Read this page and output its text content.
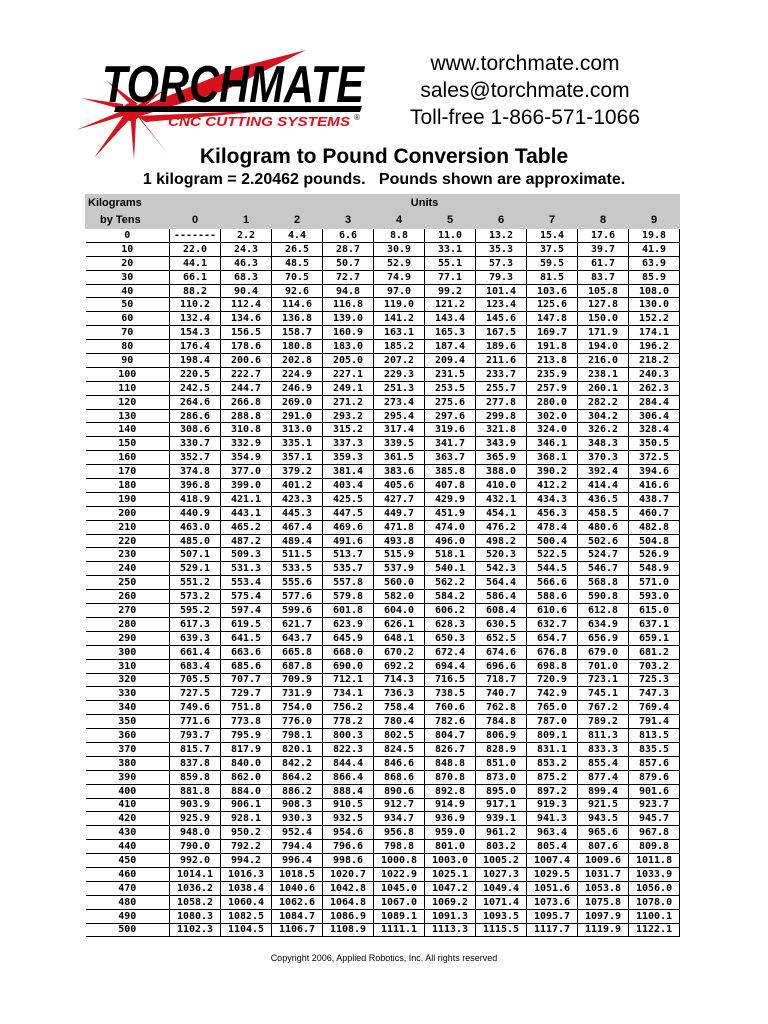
TORCHMATE
CNC CUTTING SYSTEMS ®
www.torchmate.com
sales@torchmate.com
Toll-free 1-866-571-1066
Kilogram to Pound Conversion Table
1 kilogram = 2.20462 pounds.   Pounds shown are approximate.
Kilograms	Units									
by Tens	0	1	2	3	4	5	6	7	8	9
0	-------	2.2	4.4	6.6	8.8	11.0	13.2	15.4	17.6	19.8
10	22.0	24.3	26.5	28.7	30.9	33.1	35.3	37.5	39.7	41.9
20	44.1	46.3	48.5	50.7	52.9	55.1	57.3	59.5	61.7	63.9
30	66.1	68.3	70.5	72.7	74.9	77.1	79.3	81.5	83.7	85.9
40	88.2	90.4	92.6	94.8	97.0	99.2	101.4	103.6	105.8	108.0
50	110.2	112.4	114.6	116.8	119.0	121.2	123.4	125.6	127.8	130.0
60	132.4	134.6	136.8	139.0	141.2	143.4	145.6	147.8	150.0	152.2
70	154.3	156.5	158.7	160.9	163.1	165.3	167.5	169.7	171.9	174.1
80	176.4	178.6	180.8	183.0	185.2	187.4	189.6	191.8	194.0	196.2
90	198.4	200.6	202.8	205.0	207.2	209.4	211.6	213.8	216.0	218.2
100	220.5	222.7	224.9	227.1	229.3	231.5	233.7	235.9	238.1	240.3
110	242.5	244.7	246.9	249.1	251.3	253.5	255.7	257.9	260.1	262.3
120	264.6	266.8	269.0	271.2	273.4	275.6	277.8	280.0	282.2	284.4
130	286.6	288.8	291.0	293.2	295.4	297.6	299.8	302.0	304.2	306.4
140	308.6	310.8	313.0	315.2	317.4	319.6	321.8	324.0	326.2	328.4
150	330.7	332.9	335.1	337.3	339.5	341.7	343.9	346.1	348.3	350.5
160	352.7	354.9	357.1	359.3	361.5	363.7	365.9	368.1	370.3	372.5
170	374.8	377.0	379.2	381.4	383.6	385.8	388.0	390.2	392.4	394.6
180	396.8	399.0	401.2	403.4	405.6	407.8	410.0	412.2	414.4	416.6
190	418.9	421.1	423.3	425.5	427.7	429.9	432.1	434.3	436.5	438.7
200	440.9	443.1	445.3	447.5	449.7	451.9	454.1	456.3	458.5	460.7
210	463.0	465.2	467.4	469.6	471.8	474.0	476.2	478.4	480.6	482.8
220	485.0	487.2	489.4	491.6	493.8	496.0	498.2	500.4	502.6	504.8
230	507.1	509.3	511.5	513.7	515.9	518.1	520.3	522.5	524.7	526.9
240	529.1	531.3	533.5	535.7	537.9	540.1	542.3	544.5	546.7	548.9
250	551.2	553.4	555.6	557.8	560.0	562.2	564.4	566.6	568.8	571.0
260	573.2	575.4	577.6	579.8	582.0	584.2	586.4	588.6	590.8	593.0
270	595.2	597.4	599.6	601.8	604.0	606.2	608.4	610.6	612.8	615.0
280	617.3	619.5	621.7	623.9	626.1	628.3	630.5	632.7	634.9	637.1
290	639.3	641.5	643.7	645.9	648.1	650.3	652.5	654.7	656.9	659.1
300	661.4	663.6	665.8	668.0	670.2	672.4	674.6	676.8	679.0	681.2
310	683.4	685.6	687.8	690.0	692.2	694.4	696.6	698.8	701.0	703.2
320	705.5	707.7	709.9	712.1	714.3	716.5	718.7	720.9	723.1	725.3
330	727.5	729.7	731.9	734.1	736.3	738.5	740.7	742.9	745.1	747.3
340	749.6	751.8	754.0	756.2	758.4	760.6	762.8	765.0	767.2	769.4
350	771.6	773.8	776.0	778.2	780.4	782.6	784.8	787.0	789.2	791.4
360	793.7	795.9	798.1	800.3	802.5	804.7	806.9	809.1	811.3	813.5
370	815.7	817.9	820.1	822.3	824.5	826.7	828.9	831.1	833.3	835.5
380	837.8	840.0	842.2	844.4	846.6	848.8	851.0	853.2	855.4	857.6
390	859.8	862.0	864.2	866.4	868.6	870.8	873.0	875.2	877.4	879.6
400	881.8	884.0	886.2	888.4	890.6	892.8	895.0	897.2	899.4	901.6
410	903.9	906.1	908.3	910.5	912.7	914.9	917.1	919.3	921.5	923.7
420	925.9	928.1	930.3	932.5	934.7	936.9	939.1	941.3	943.5	945.7
430	948.0	950.2	952.4	954.6	956.8	959.0	961.2	963.4	965.6	967.8
440	790.0	792.2	794.4	796.6	798.8	801.0	803.2	805.4	807.6	809.8
450	992.0	994.2	996.4	998.6	1000.8	1003.0	1005.2	1007.4	1009.6	1011.8
460	1014.1	1016.3	1018.5	1020.7	1022.9	1025.1	1027.3	1029.5	1031.7	1033.9
470	1036.2	1038.4	1040.6	1042.8	1045.0	1047.2	1049.4	1051.6	1053.8	1056.0
480	1058.2	1060.4	1062.6	1064.8	1067.0	1069.2	1071.4	1073.6	1075.8	1078.0
490	1080.3	1082.5	1084.7	1086.9	1089.1	1091.3	1093.5	1095.7	1097.9	1100.1
500	1102.3	1104.5	1106.7	1108.9	1111.1	1113.3	1115.5	1117.7	1119.9	1122.1
Copyright 2006, Applied Robotics, Inc. All rights reserved
